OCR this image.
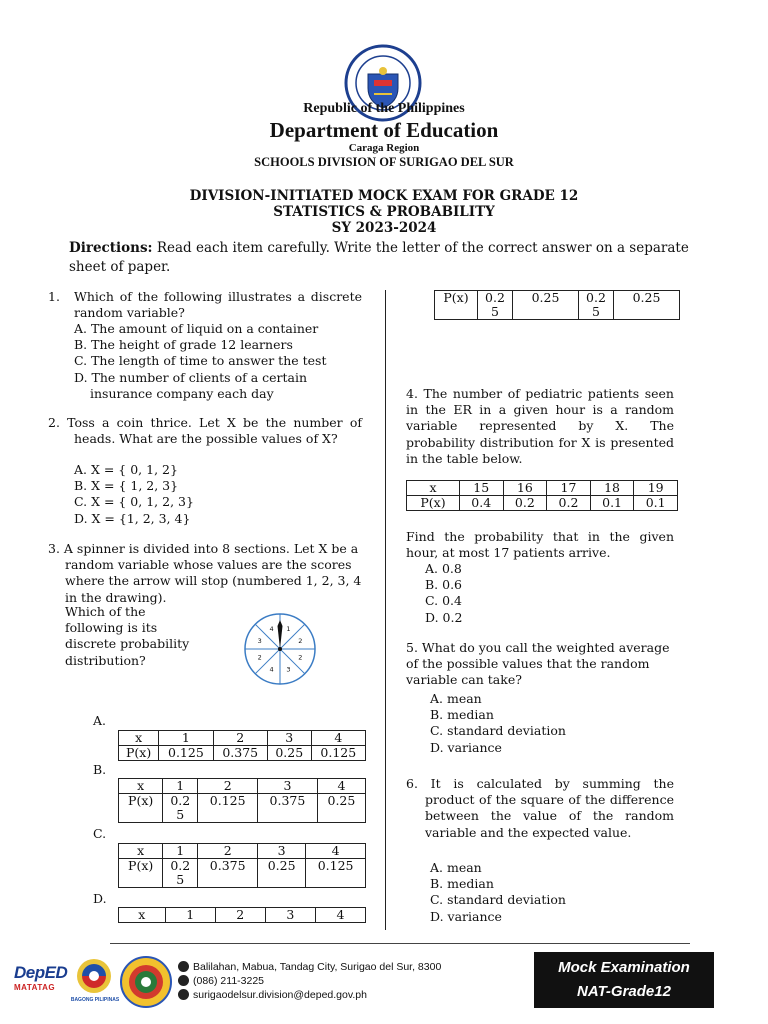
Republic of the Philippines
Department of Education
Caraga Region
SCHOOLS DIVISION OF SURIGAO DEL SUR
DIVISION-INITIATED MOCK EXAM FOR GRADE 12
STATISTICS & PROBABILITY
SY 2023-2024
Directions: Read each item carefully. Write the letter of the correct answer on a separate sheet of paper.
1. Which of the following illustrates a discrete random variable?
A. The amount of liquid on a container
B. The height of grade 12 learners
C. The length of time to answer the test
D. The number of clients of a certain
insurance company each day
2. Toss a coin thrice. Let X be the number of heads. What are the possible values of X?
A. X = { 0, 1, 2}
B. X = { 1, 2, 3}
C. X = { 0, 1, 2, 3}
D. X = {1, 2, 3, 4}
3. A spinner is divided into 8 sections. Let X be a random variable whose values are the scores where the arrow will stop (numbered 1, 2, 3, 4 in the drawing).
Which of the
following is its
discrete probability
distribution?
1
2
2
3
4
2
3
4
A.
x	1	2	3	4
P(x)	0.125	0.375	0.25	0.125
B.
x	1	2	3	4
P(x)	0.2 5	0.125	0.375	0.25
C.
x	1	2	3	4
P(x)	0.2 5	0.375	0.25	0.125
D.
x	1	2	3	4
P(x)	0.2 5	0.25	0.2 5	0.25
4. The number of pediatric patients seen in the ER in a given hour is a random variable represented by X. The probability distribution for X is presented in the table below.
x	15	16	17	18	19
P(x)	0.4	0.2	0.2	0.1	0.1
Find the probability that in the given hour, at most 17 patients arrive.
A. 0.8
B. 0.6
C. 0.4
D. 0.2
5. What do you call the weighted average of the possible values that the random variable can take?
A. mean
B. median
C. standard deviation
D. variance
6. It is calculated by summing the product of the square of the difference between the value of the random variable and the expected value.
A. mean
B. median
C. standard deviation
D. variance
DepED
MATATAG
BAGONG PILIPINAS
Balilahan, Mabua, Tandag City, Surigao del Sur, 8300
(086) 211-3225
surigaodelsur.division@deped.gov.ph
Mock Examination
NAT-Grade12
